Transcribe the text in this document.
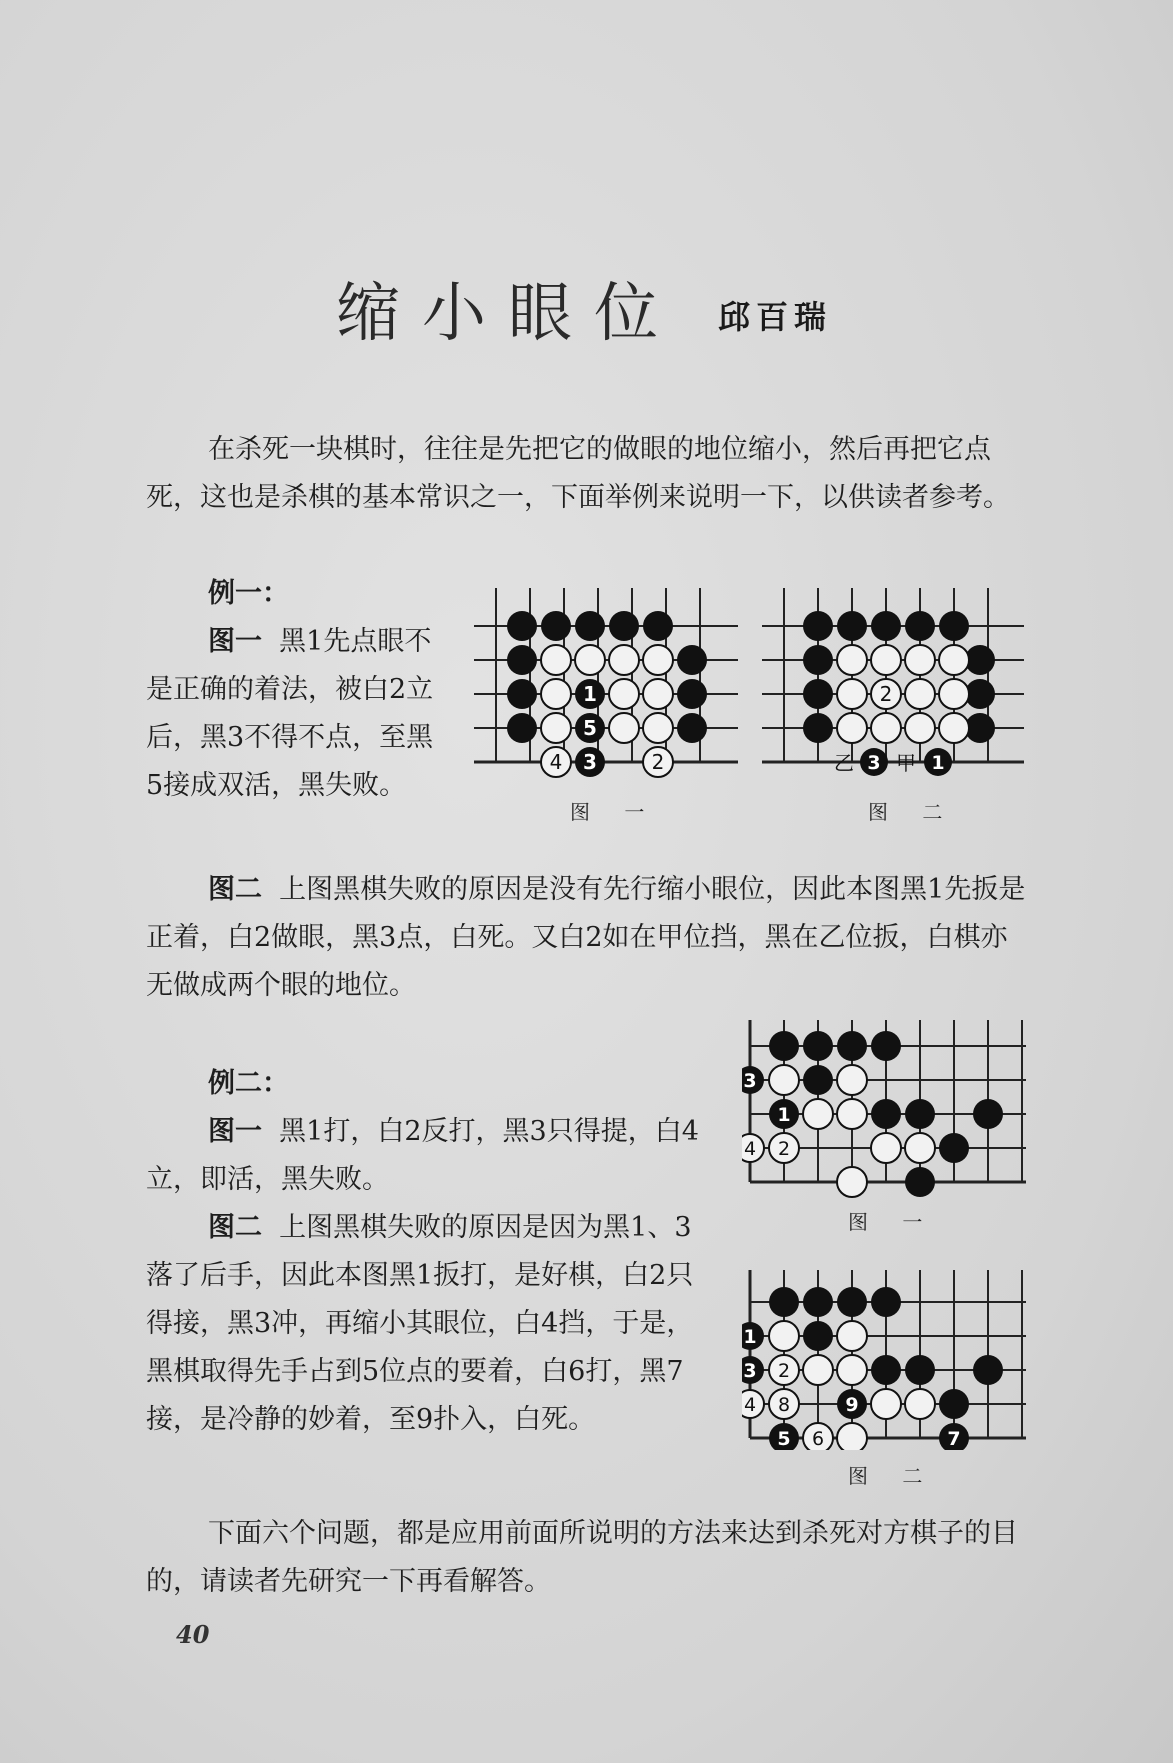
缩小眼位 邱百瑞

在杀死一块棋时，往往是先把它的做眼的地位缩小，然后再把它点死，这也是杀棋的基本常识之一，下面举例来说明一下，以供读者参考。

例一：

图一 黑1先点眼不是正确的着法，被白2立后，黑3不得不点，至黑5接成双活，黑失败。

1
5
4 3	2
图 一
2
乙 3 甲 1
图 二

图二 上图黑棋失败的原因是没有先行缩小眼位，因此本图黑1先扳是正着，白2做眼，黑3点，白死。又白2如在甲位挡，黑在乙位扳，白棋亦无做成两个眼的地位。

例二：

图一 黑1打，白2反打，黑3只得提，白4立，即活，黑失败。

图二 上图黑棋失败的原因是因为黑1、3落了后手，因此本图黑1扳打，是好棋，白2只得接，黑3冲，再缩小其眼位，白4挡，于是，黑棋取得先手占到5位点的要着，白6打，黑7接，是冷静的妙着，至9扑入，白死。

3
1
4 2
图 一
1
3 2
4 8	9
5 6	7
图 二

下面六个问题，都是应用前面所说明的方法来达到杀死对方棋子的目的，请读者先研究一下再看解答。

40
